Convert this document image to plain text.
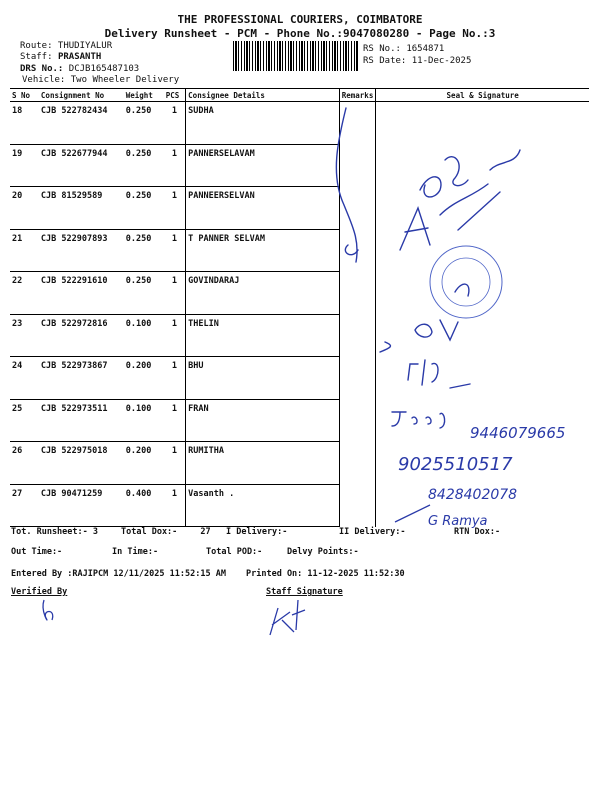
THE PROFESSIONAL COURIERS, COIMBATORE
Delivery Runsheet - PCM - Phone No.:9047080280 - Page No.:3
Route: THUDIYALUR
Staff: PRASANTH
DRS No.: DCJB165487103
Vehicle: Two Wheeler Delivery
RS No.: 1654871
RS Date: 11-Dec-2025
S No	Consignment No	Weight	PCS	Consignee Details	Remarks	Seal & Signature
18	CJB 522782434	0.250	1	SUDHA		
19	CJB 522677944	0.250	1	PANNERSELAVAM		
20	CJB 81529589	0.250	1	PANNEERSELVAN		
21	CJB 522907893	0.250	1	T PANNER SELVAM		
22	CJB 522291610	0.250	1	GOVINDARAJ		
23	CJB 522972816	0.100	1	THELIN		
24	CJB 522973867	0.200	1	BHU		
25	CJB 522973511	0.100	1	FRAN		
26	CJB 522975018	0.200	1	RUMITHA		
27	CJB 90471259	0.400	1	Vasanth .		
9446079665
9025510517
8428402078
G Ramya
Tot. Runsheet:- 3	Total Dox:-	27 I Delivery:-	II Delivery:-	RTN Dox:-
Out Time:-	In Time:-	Total POD:-	Delvy Points:-
Entered By :RAJIPCM 12/11/2025 11:52:15 AM Printed On: 11-12-2025 11:52:30
Verified By	Staff Signature
